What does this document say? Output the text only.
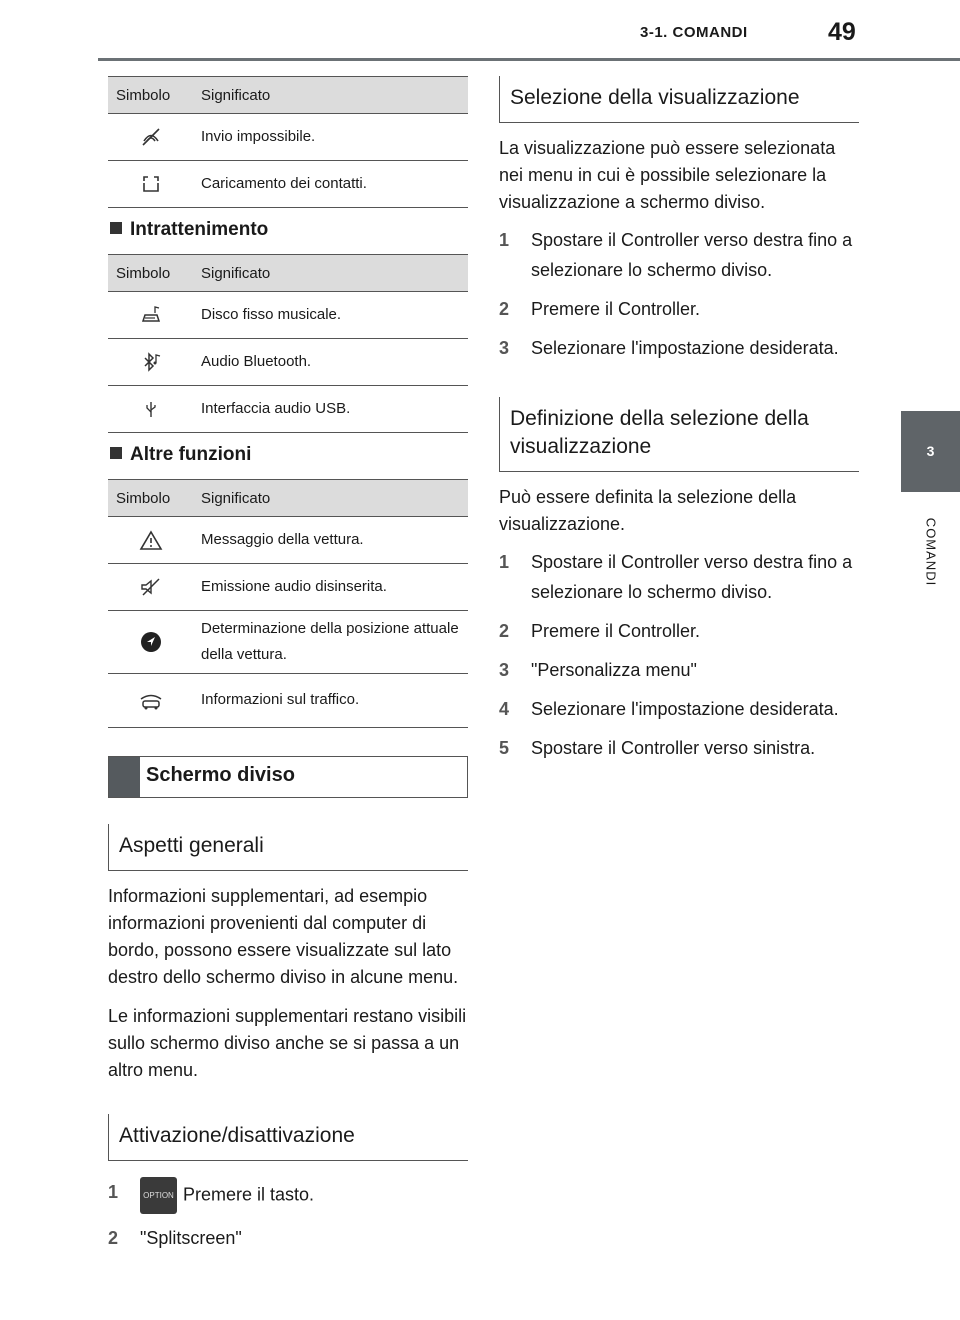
3-1. COMANDI	49
3
COMANDI
Simbolo	Significato

	Invio impossibile.

	Caricamento dei contatti.
Intrattenimento
Simbolo	Significato

	Disco fisso musicale.

	Audio Bluetooth.

	Interfaccia audio USB.
Altre funzioni
Simbolo	Significato

	Messaggio della vettura.

	Emissione audio disinserita.

	Determinazione della posizione attuale della vettura.

	Informazioni sul traffico.
Schermo diviso
Aspetti generali

Informazioni supplementari, ad esempio informazioni provenienti dal computer di bordo, possono essere visualizzate sul lato destro dello schermo diviso in alcune menu.

Le informazioni supplementari restano visibili sullo schermo diviso anche se si passa a un altro menu.

Attivazione/disattivazione
1	OPTION Premere il tasto.
2	"Splitscreen"
Selezione della visualizzazione

La visualizzazione può essere selezionata nei menu in cui è possibile selezionare la visualizzazione a schermo diviso.

1	Spostare il Controller verso destra fino a selezionare lo schermo diviso.
2	Premere il Controller.
3	Selezionare l'impostazione desiderata.
Definizione della selezione della visualizzazione

Può essere definita la selezione della visualizzazione.

1	Spostare il Controller verso destra fino a selezionare lo schermo diviso.
2	Premere il Controller.
3	"Personalizza menu"
4	Selezionare l'impostazione desiderata.
5	Spostare il Controller verso sinistra.
